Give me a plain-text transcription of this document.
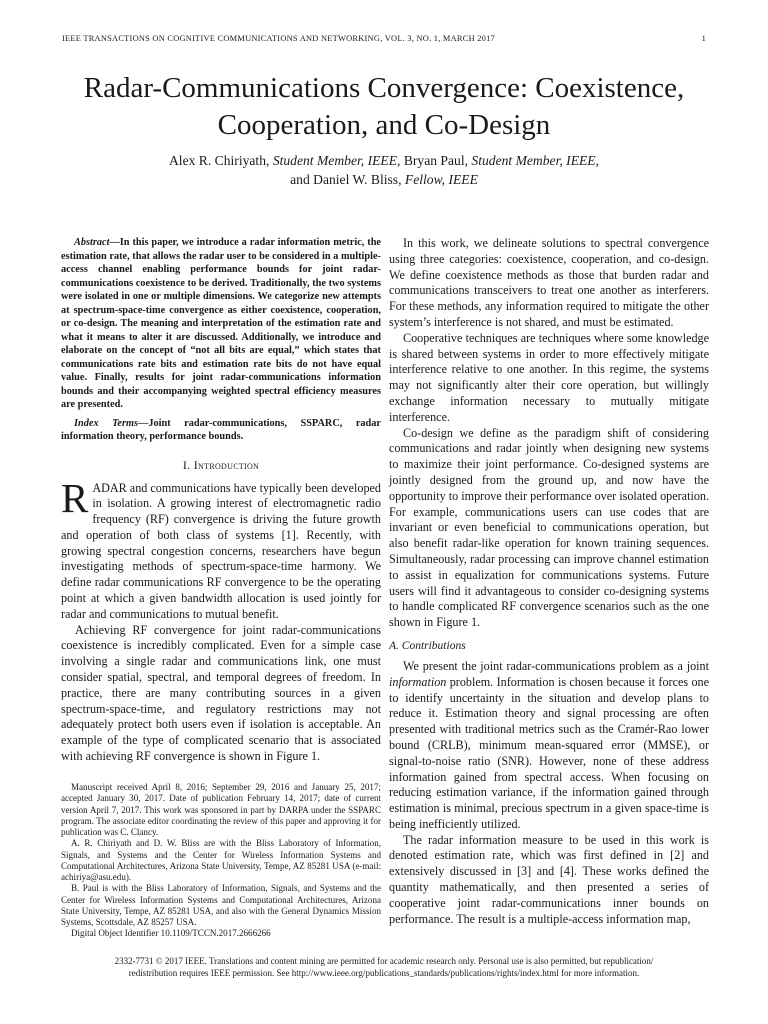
IEEE TRANSACTIONS ON COGNITIVE COMMUNICATIONS AND NETWORKING, VOL. 3, NO. 1, MARCH 2017	1
Radar-Communications Convergence: Coexistence,
Cooperation, and Co-Design
Alex R. Chiriyath, Student Member, IEEE, Bryan Paul, Student Member, IEEE,
and Daniel W. Bliss, Fellow, IEEE

Abstract—In this paper, we introduce a radar information metric, the estimation rate, that allows the radar user to be considered in a multiple-access channel enabling performance bounds for joint radar-communications coexistence to be derived. Traditionally, the two systems were isolated in one or multiple dimensions. We categorize new attempts at spectrum-space-time convergence as either coexistence, cooperation, or co-design. The meaning and interpretation of the estimation rate and what it means to alter it are discussed. Additionally, we introduce and elaborate on the concept of “not all bits are equal,” which states that communications rate bits and estimation rate bits do not have equal value. Finally, results for joint radar-communications information bounds and their accompanying weighted spectral efficiency measures are presented.

Index Terms—Joint radar-communications, SSPARC, radar information theory, performance bounds.

I. Introduction

RADAR and communications have typically been developed in isolation. A growing interest of electromagnetic radio frequency (RF) convergence is driving the future growth and operation of both class of systems [1]. Recently, with growing spectral congestion concerns, researchers have begun investigating methods of spectrum-space-time harmony. We define radar communications RF convergence to be the operating point at which a given bandwidth allocation is used jointly for radar and communications to mutual benefit.

Achieving RF convergence for joint radar-communications coexistence is incredibly complicated. Even for a simple case involving a single radar and communications link, one must consider spatial, spectral, and temporal degrees of freedom. In practice, there are many contributing sources in a given spectrum-space-time, and regulatory restrictions may not adequately protect both users even if isolation is acceptable. An example of the type of complicated scenario that is associated with achieving RF convergence is shown in Figure 1.

Manuscript received April 8, 2016; September 29, 2016 and January 25, 2017; accepted January 30, 2017. Date of publication February 14, 2017; date of current version April 7, 2017. This work was sponsored in part by DARPA under the SSPARC program. The associate editor coordinating the review of this paper and approving it for publication was C. Clancy.

A. R. Chiriyath and D. W. Bliss are with the Bliss Laboratory of Information, Signals, and Systems and the Center for Wireless Information Systems and Computational Architectures, Arizona State University, Tempe, AZ 85281 USA (e-mail: achiriya@asu.edu).

B. Paul is with the Bliss Laboratory of Information, Signals, and Systems and the Center for Wireless Information Systems and Computational Architectures, Arizona State University, Tempe, AZ 85281 USA, and also with the General Dynamics Mission Systems, Scottsdale, AZ 85257 USA.

Digital Object Identifier 10.1109/TCCN.2017.2666266

In this work, we delineate solutions to spectral convergence using three categories: coexistence, cooperation, and co-design. We define coexistence methods as those that burden radar and communications transceivers to treat one another as interferers. For these methods, any information required to mitigate the other system’s interference is not shared, and must be estimated.

Cooperative techniques are techniques where some knowledge is shared between systems in order to more effectively mitigate interference relative to one another. In this regime, the systems may not significantly alter their core operation, but willingly exchange information necessary to mutually mitigate interference.

Co-design we define as the paradigm shift of considering communications and radar jointly when designing new systems to maximize their joint performance. Co-designed systems are jointly designed from the ground up, and now have the opportunity to improve their performance over isolated operation. For example, communications users can use codes that are invariant or even beneficial to communications operation, but also benefit radar-like operation for known training sequences. Simultaneously, radar processing can improve channel estimation to assist in equalization for communications systems. Future users will find it advantageous to consider co-designing systems to handle complicated RF convergence scenarios such as the one shown in Figure 1.

A. Contributions

We present the joint radar-communications problem as a joint information problem. Information is chosen because it forces one to identify uncertainty in the situation and develop plans to reduce it. Estimation theory and signal processing are often presented with traditional metrics such as the Cramér-Rao lower bound (CRLB), minimum mean-squared error (MMSE), or signal-to-noise ratio (SNR). However, none of these address information gained from spectral access. When focusing on reducing estimation variance, if the information gained through estimation is minimal, precious spectrum in a given space-time is being inefficiently utilized.

The radar information measure to be used in this work is denoted estimation rate, which was first defined in [2] and extensively discussed in [3] and [4]. These works defined the quantity mathematically, and then presented a series of cooperative joint radar-communications inner bounds on performance. The result is a multiple-access information map,

2332-7731 © 2017 IEEE. Translations and content mining are permitted for academic research only. Personal use is also permitted, but republication/
redistribution requires IEEE permission. See http://www.ieee.org/publications_standards/publications/rights/index.html for more information.
